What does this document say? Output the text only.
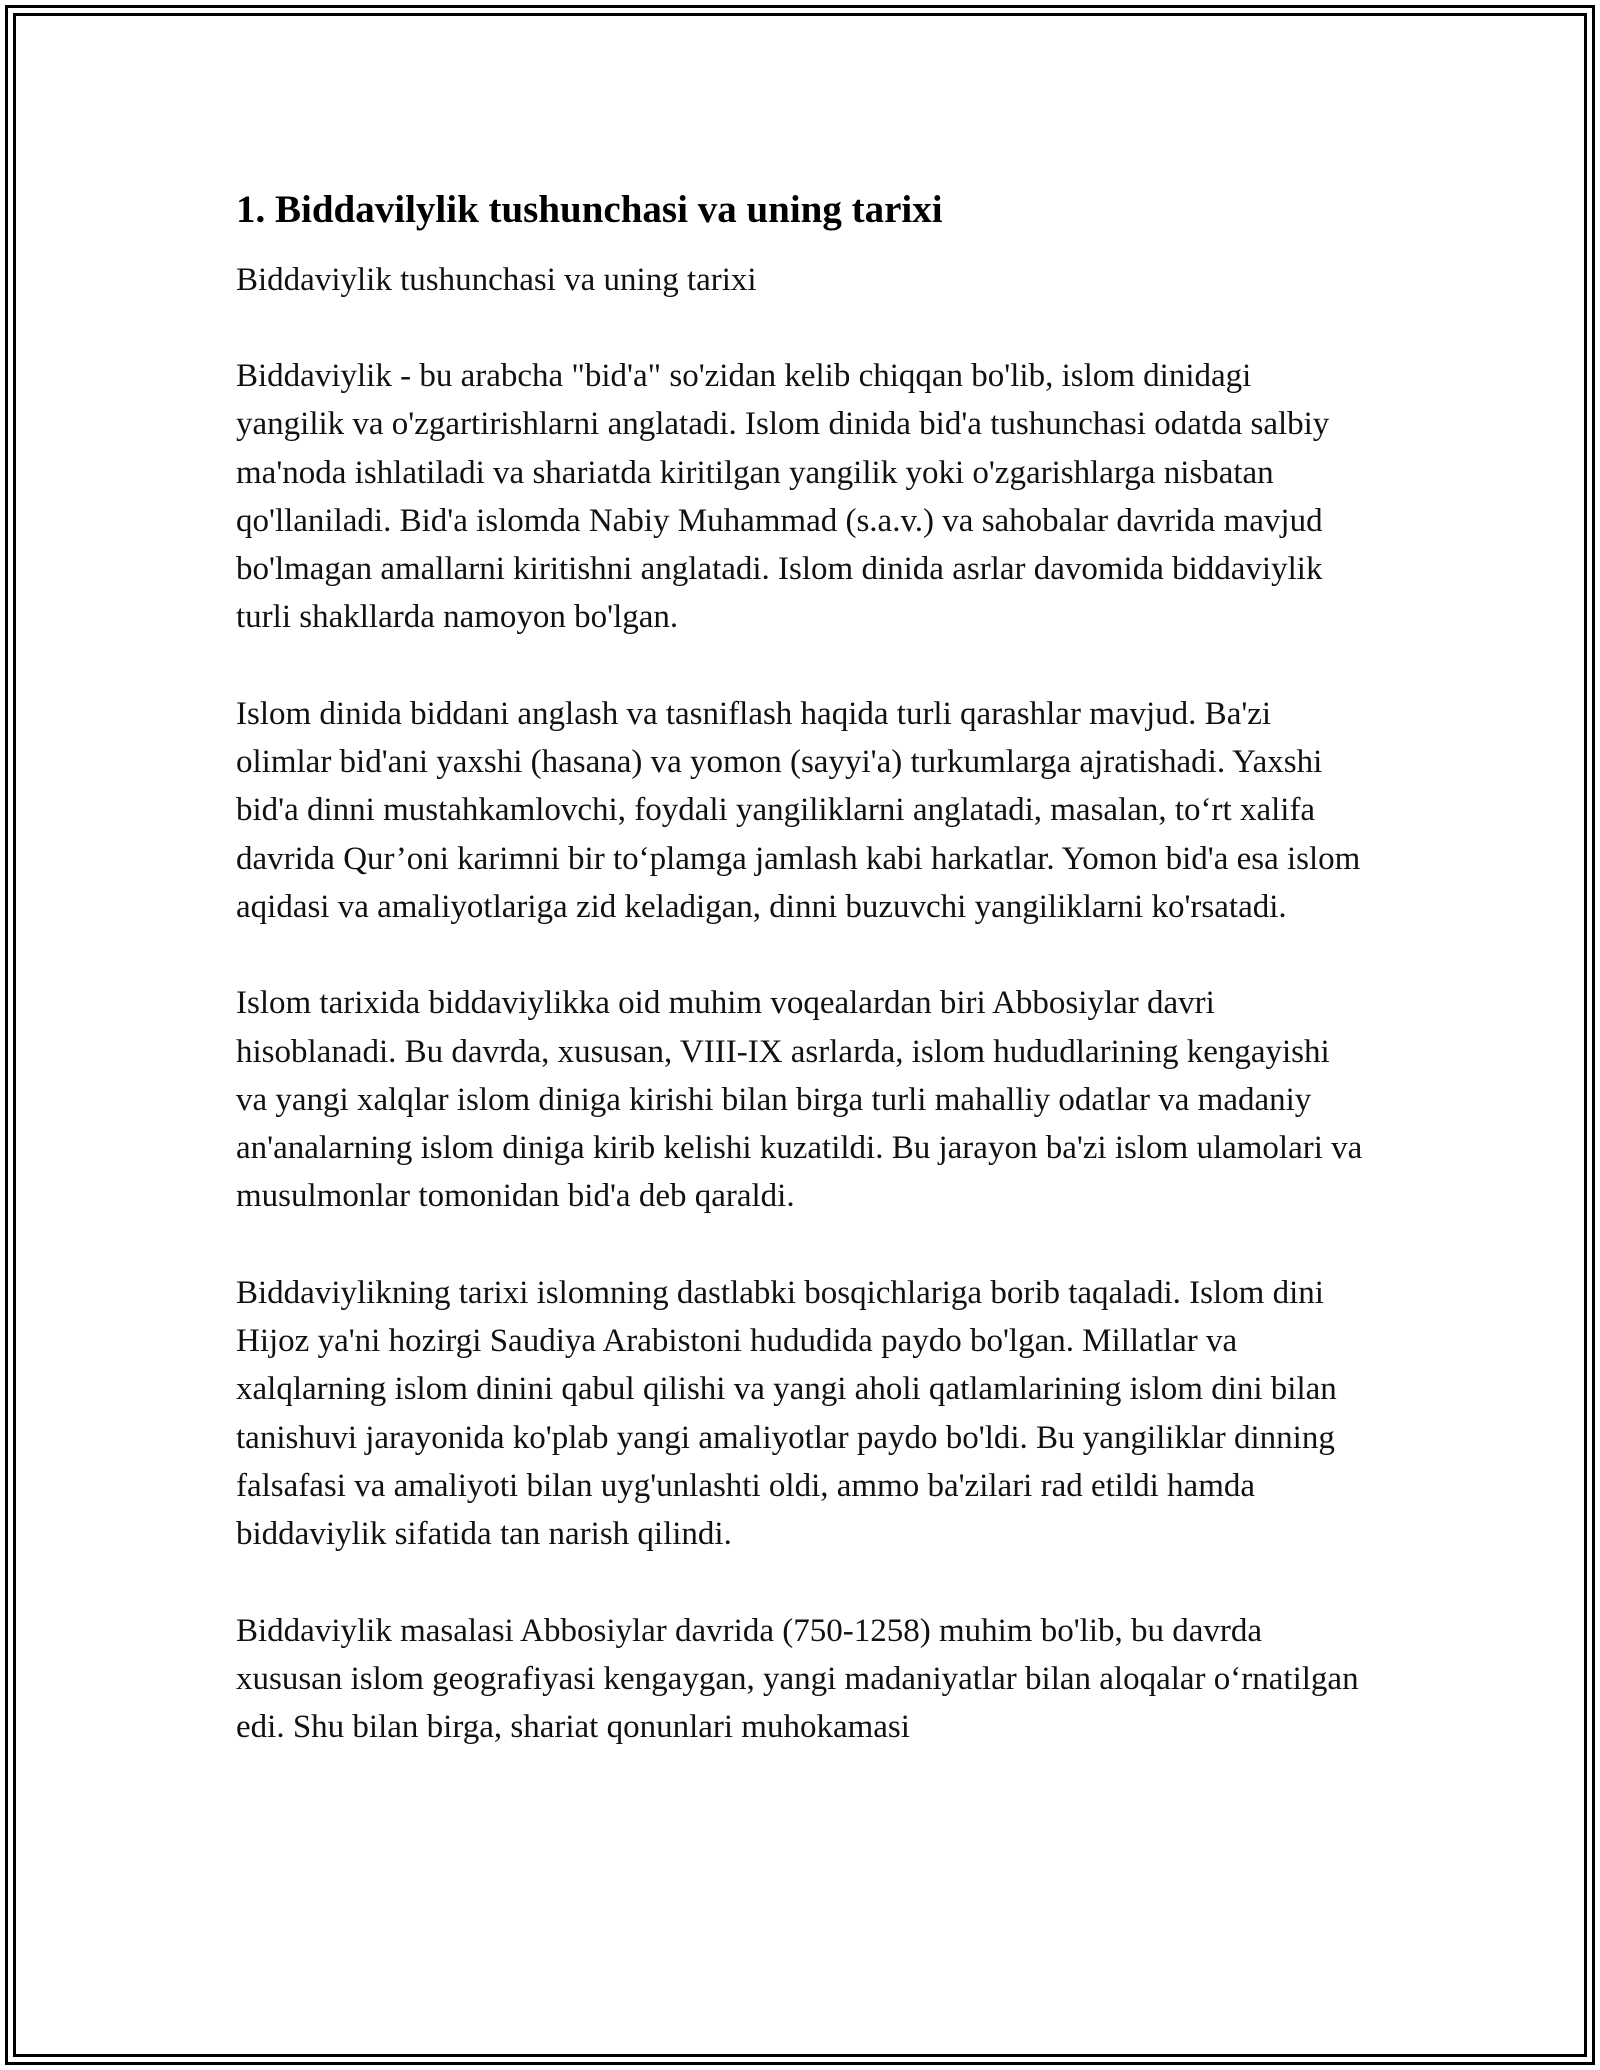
1. Biddavilylik tushunchasi va uning tarixi

Biddaviylik tushunchasi va uning tarixi

Biddaviylik - bu arabcha "bid'a" so'zidan kelib chiqqan bo'lib, islom dinidagi yangilik va o'zgartirishlarni anglatadi. Islom dinida bid'a tushunchasi odatda salbiy ma'noda ishlatiladi va shariatda kiritilgan yangilik yoki o'zgarishlarga nisbatan qo'llaniladi. Bid'a islomda Nabiy Muhammad (s.a.v.) va sahobalar davrida mavjud bo'lmagan amallarni kiritishni anglatadi. Islom dinida asrlar davomida biddaviylik turli shakllarda namoyon bo'lgan.

Islom dinida biddani anglash va tasniflash haqida turli qarashlar mavjud. Ba'zi olimlar bid'ani yaxshi (hasana) va yomon (sayyi'a) turkumlarga ajratishadi. Yaxshi bid'a dinni mustahkamlovchi, foydali yangiliklarni anglatadi, masalan, to‘rt xalifa davrida Qur’oni karimni bir to‘plamga jamlash kabi harkatlar. Yomon bid'a esa islom aqidasi va amaliyotlariga zid keladigan, dinni buzuvchi yangiliklarni ko'rsatadi.

Islom tarixida biddaviylikka oid muhim voqealardan biri Abbosiylar davri hisoblanadi. Bu davrda, xususan, VIII-IX asrlarda, islom hududlarining kengayishi va yangi xalqlar islom diniga kirishi bilan birga turli mahalliy odatlar va madaniy an'analarning islom diniga kirib kelishi kuzatildi. Bu jarayon ba'zi islom ulamolari va musulmonlar tomonidan bid'a deb qaraldi.

Biddaviylikning tarixi islomning dastlabki bosqichlariga borib taqaladi. Islom dini Hijoz ya'ni hozirgi Saudiya Arabistoni hududida paydo bo'lgan. Millatlar va xalqlarning islom dinini qabul qilishi va yangi aholi qatlamlarining islom dini bilan tanishuvi jarayonida ko'plab yangi amaliyotlar paydo bo'ldi. Bu yangiliklar dinning falsafasi va amaliyoti bilan uyg'unlashti oldi, ammo ba'zilari rad etildi hamda biddaviylik sifatida tan narish qilindi.

Biddaviylik masalasi Abbosiylar davrida (750-1258) muhim bo'lib, bu davrda xususan islom geografiyasi kengaygan, yangi madaniyatlar bilan aloqalar o‘rnatilgan edi. Shu bilan birga, shariat qonunlari muhokamasi
